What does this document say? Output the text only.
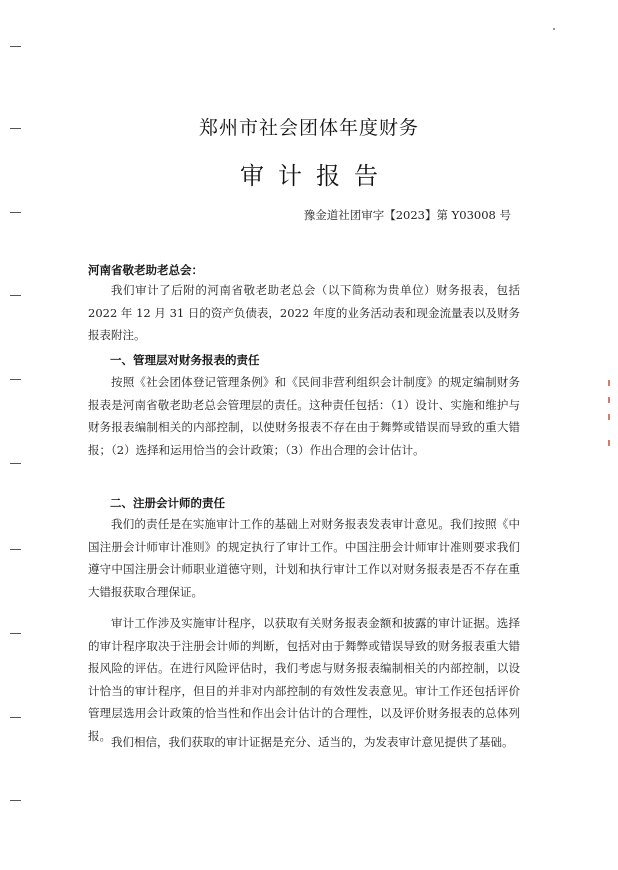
郑州市社会团体年度财务
审计报告
豫金道社团审字【2023】第 Y03008 号
河南省敬老助老总会：
我们审计了后附的河南省敬老助老总会（以下简称为贵单位）财务报表，包括 2022 年 12 月 31 日的资产负债表，2022 年度的业务活动表和现金流量表以及财务报表附注。
一、管理层对财务报表的责任
按照《社会团体登记管理条例》和《民间非营利组织会计制度》的规定编制财务报表是河南省敬老助老总会管理层的责任。这种责任包括：（1）设计、实施和维护与财务报表编制相关的内部控制，以使财务报表不存在由于舞弊或错误而导致的重大错报；（2）选择和运用恰当的会计政策；（3）作出合理的会计估计。
二、注册会计师的责任
我们的责任是在实施审计工作的基础上对财务报表发表审计意见。我们按照《中国注册会计师审计准则》的规定执行了审计工作。中国注册会计师审计准则要求我们遵守中国注册会计师职业道德守则，计划和执行审计工作以对财务报表是否不存在重大错报获取合理保证。
审计工作涉及实施审计程序，以获取有关财务报表金额和披露的审计证据。选择的审计程序取决于注册会计师的判断，包括对由于舞弊或错误导致的财务报表重大错报风险的评估。在进行风险评估时，我们考虑与财务报表编制相关的内部控制，以设计恰当的审计程序，但目的并非对内部控制的有效性发表意见。审计工作还包括评价管理层选用会计政策的恰当性和作出会计估计的合理性，以及评价财务报表的总体列报。 我们相信，我们获取的审计证据是充分、适当的，为发表审计意见提供了基础。
